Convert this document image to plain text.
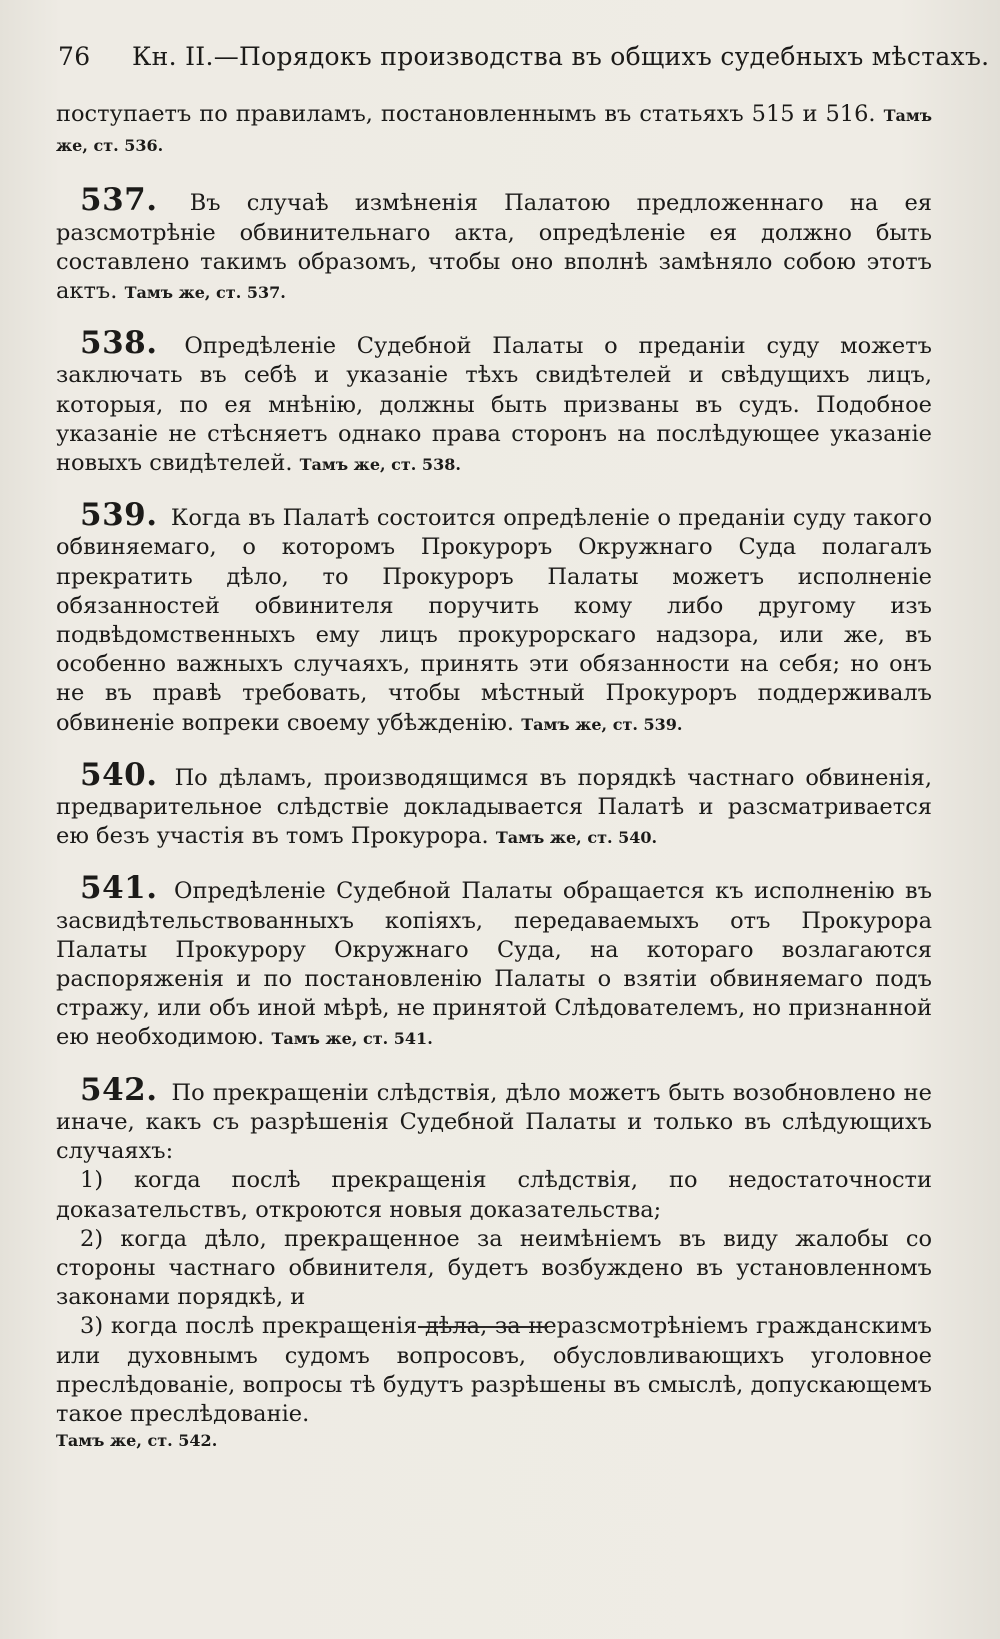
76 Кн. II.—Порядокъ производства въ общихъ судебныхъ мѣстахъ.

поступаетъ по правиламъ, постановленнымъ въ статьяхъ 515 и 516. Тамъ же, ст. 536.

537. Въ случаѣ измѣненія Палатою предложеннаго на ея разсмотрѣніе обвинительнаго акта, опредѣленіе ея должно быть составлено такимъ образомъ, чтобы оно вполнѣ замѣняло собою этотъ актъ. Тамъ же, ст. 537.

538. Опредѣленіе Судебной Палаты о преданіи суду можетъ заключать въ себѣ и указаніе тѣхъ свидѣтелей и свѣдущихъ лицъ, которыя, по ея мнѣнію, должны быть призваны въ судъ. Подобное указаніе не стѣсняетъ однако права сторонъ на послѣдующее указаніе новыхъ свидѣтелей. Тамъ же, ст. 538.

539. Когда въ Палатѣ состоится опредѣленіе о преданіи суду такого обвиняемаго, о которомъ Прокуроръ Окружнаго Суда полагалъ прекратить дѣло, то Прокуроръ Палаты можетъ исполненіе обязанностей обвинителя поручить кому либо другому изъ подвѣдомственныхъ ему лицъ прокурорскаго надзора, или же, въ особенно важныхъ случаяхъ, принять эти обязанности на себя; но онъ не въ правѣ требовать, чтобы мѣстный Прокуроръ поддерживалъ обвиненіе вопреки своему убѣжденію. Тамъ же, ст. 539.

540. По дѣламъ, производящимся въ порядкѣ частнаго обвиненія, предварительное слѣдствіе докладывается Палатѣ и разсматривается ею безъ участія въ томъ Прокурора. Тамъ же, ст. 540.

541. Опредѣленіе Судебной Палаты обращается къ исполненію въ засвидѣтельствованныхъ копіяхъ, передаваемыхъ отъ Прокурора Палаты Прокурору Окружнаго Суда, на котораго возлагаются распоряженія и по постановленію Палаты о взятіи обвиняемаго подъ стражу, или объ иной мѣрѣ, не принятой Слѣдователемъ, но признанной ею необходимою. Тамъ же, ст. 541.

542. По прекращеніи слѣдствія, дѣло можетъ быть возобновлено не иначе, какъ съ разрѣшенія Судебной Палаты и только въ слѣдующихъ случаяхъ:

1) когда послѣ прекращенія слѣдствія, по недостаточности доказательствъ, откроются новыя доказательства;

2) когда дѣло, прекращенное за неимѣніемъ въ виду жалобы со стороны частнаго обвинителя, будетъ возбуждено въ установленномъ законами порядкѣ, и

3) когда послѣ прекращенія дѣла, за неразсмотрѣніемъ гражданскимъ или духовнымъ судомъ вопросовъ, обусловливающихъ уголовное преслѣдованіе, вопросы тѣ будутъ разрѣшены въ смыслѣ, допускающемъ такое преслѣдованіе.

Тамъ же, ст. 542.
